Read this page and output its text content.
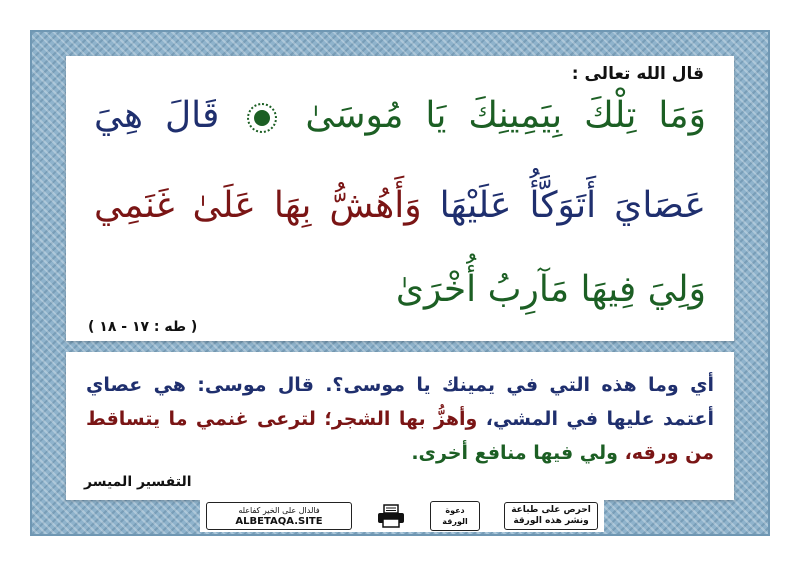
قال الله تعالى :

وَمَا تِلْكَ بِيَمِينِكَ يَا مُوسَىٰ  قَالَ هِيَ

عَصَايَ أَتَوَكَّأُ عَلَيْهَا وَأَهُشُّ بِهَا عَلَىٰ غَنَمِي

وَلِيَ فِيهَا مَآرِبُ أُخْرَىٰ

( طه : ١٧ - ١٨ )

أي وما هذه التي في يمينك يا موسى؟. قال موسى: هي عصاي أعتمد عليها في المشي، وأهزُّ بها الشجر؛ لترعى غنمي ما يتساقط من ورقه، ولي فيها منافع أخرى.

التفسير الميسر

فالدال على الخير كفاعله
ALBETAQA.SITE
دعوة
الورقة
احرص على طباعة
ونشر هذه الورقة
